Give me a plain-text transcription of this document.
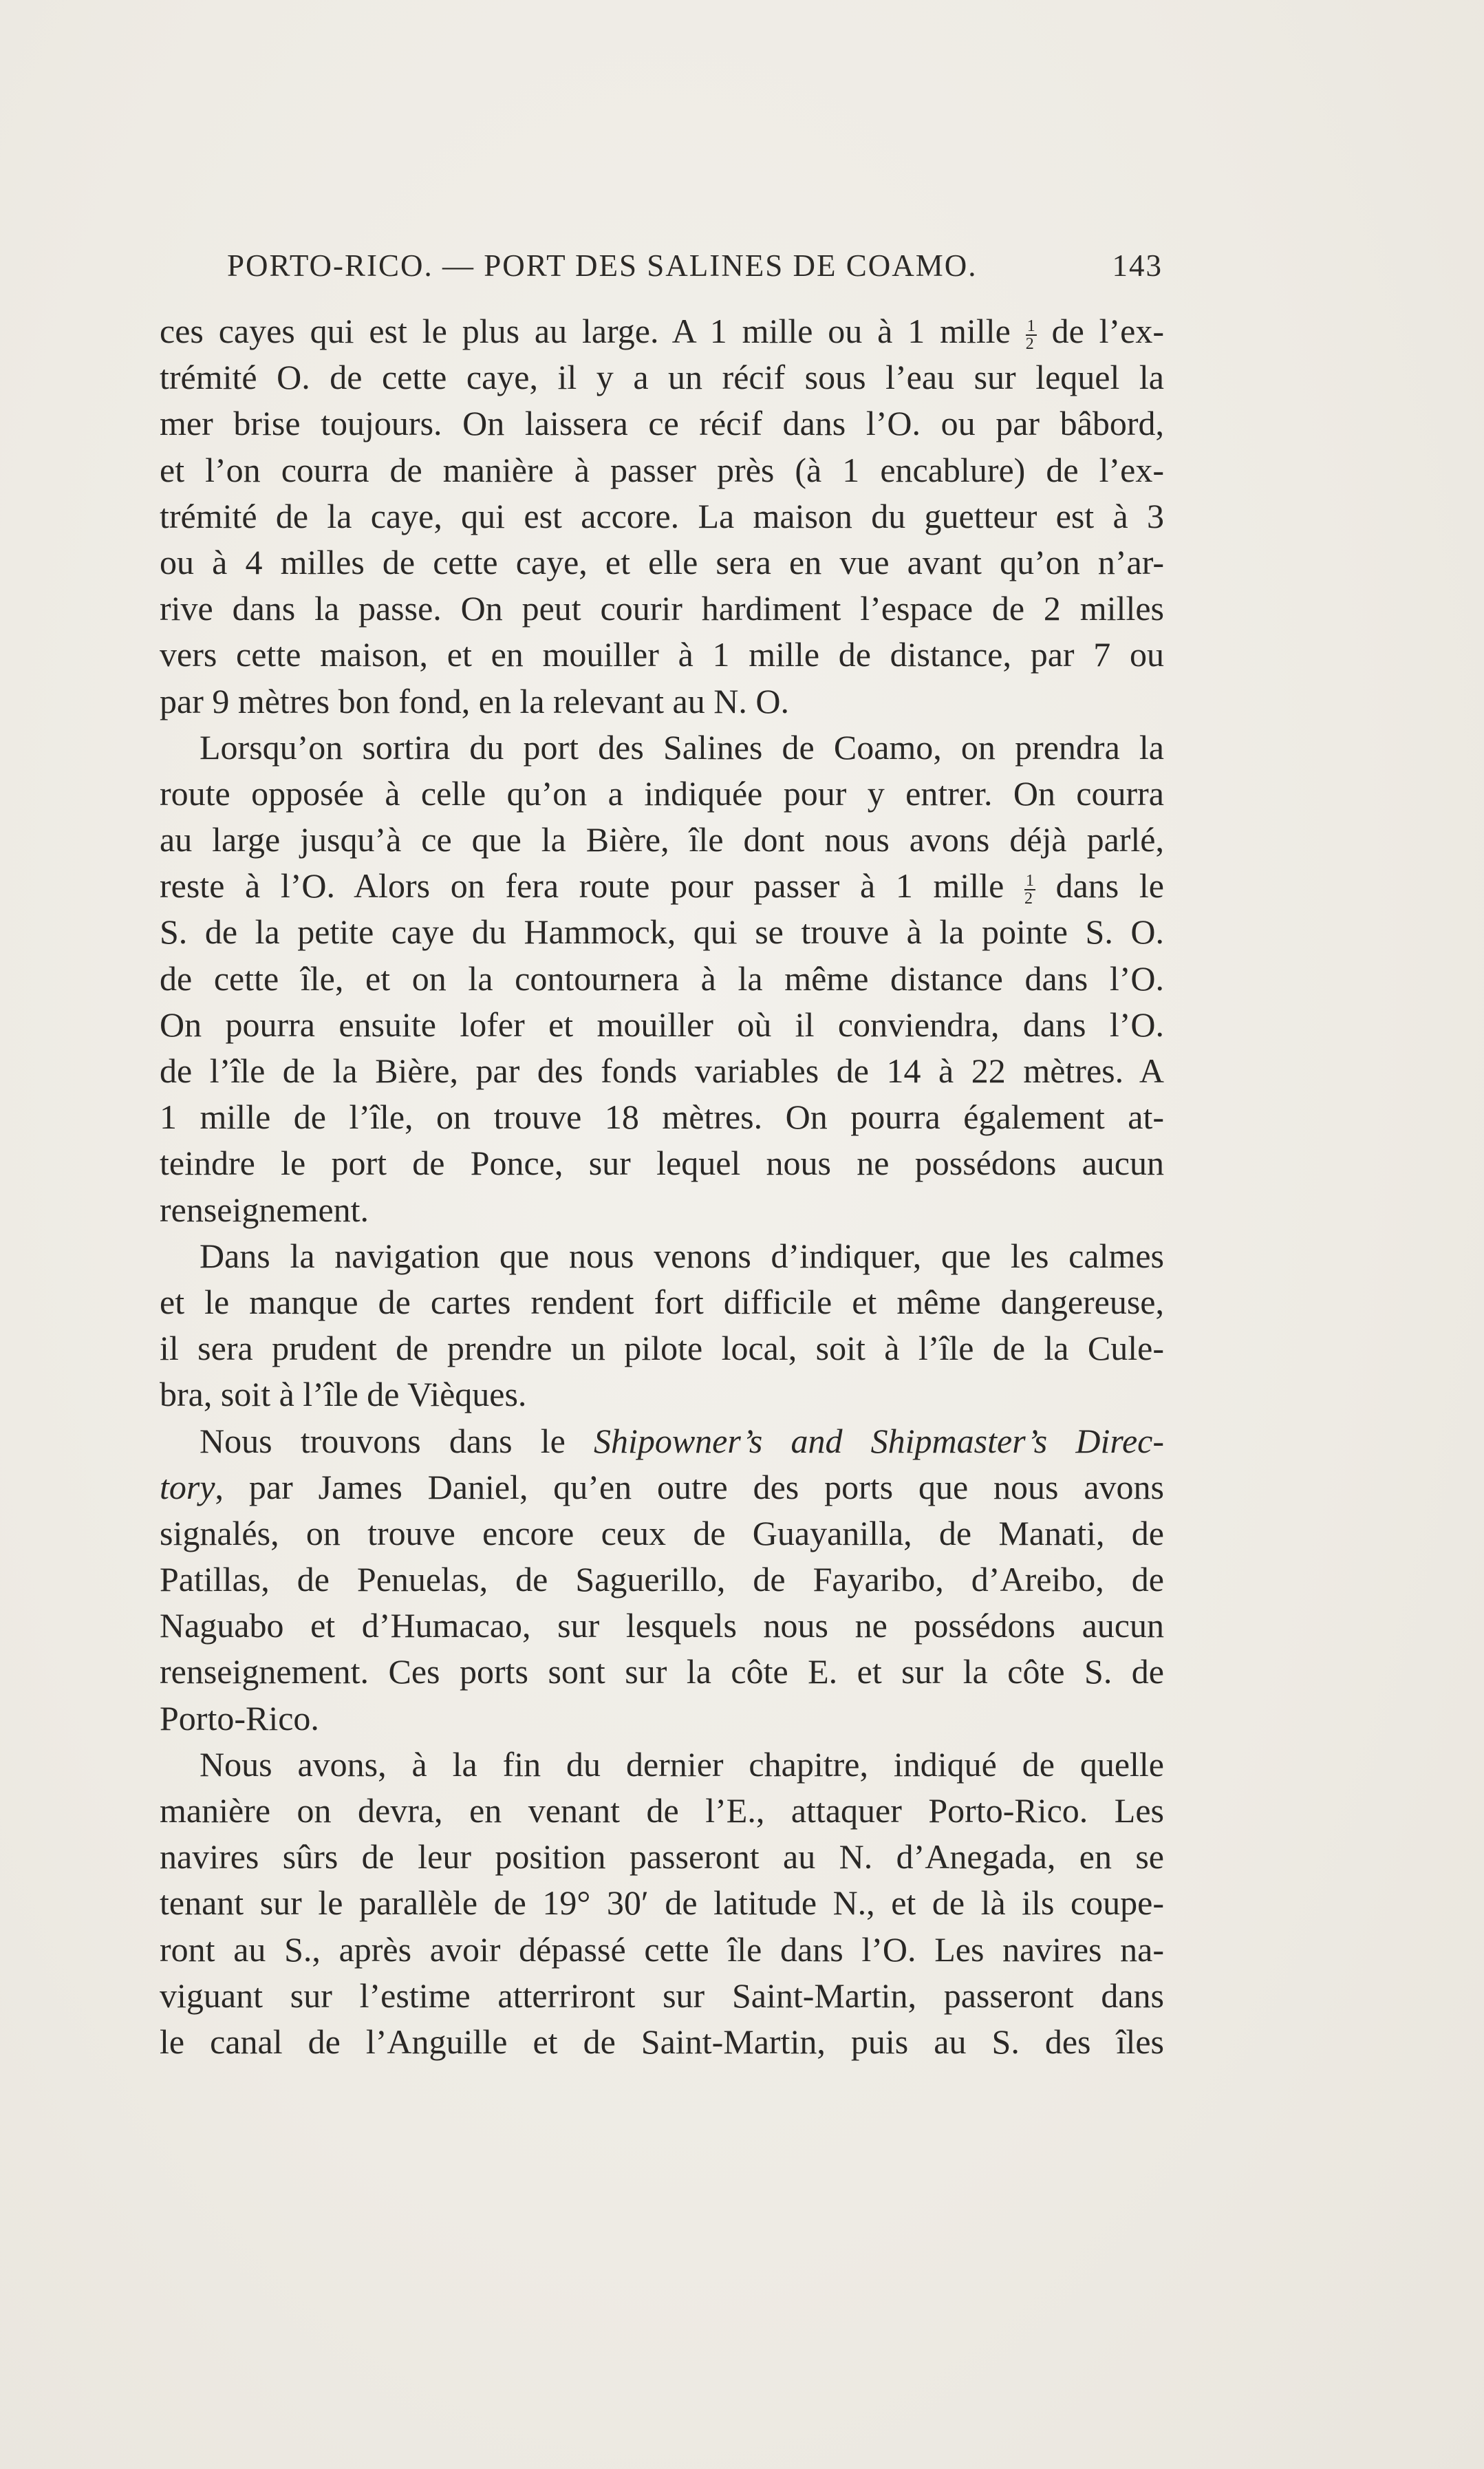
PORTO-RICO. — PORT DES SALINES DE COAMO.	143
ces cayes qui est le plus au large. A 1 mille ou à 1 mille $\frac{1}{2}$ de l’ex-
trémité O. de cette caye, il y a un récif sous l’eau sur lequel la
mer brise toujours. On laissera ce récif dans l’O. ou par bâbord,
et l’on courra de manière à passer près (à 1 encablure) de l’ex-
trémité de la caye, qui est accore. La maison du guetteur est à 3
ou à 4 milles de cette caye, et elle sera en vue avant qu’on n’ar-
rive dans la passe. On peut courir hardiment l’espace de 2 milles
vers cette maison, et en mouiller à 1 mille de distance, par 7 ou
par 9 mètres bon fond, en la relevant au N. O.
Lorsqu’on sortira du port des Salines de Coamo, on prendra la
route opposée à celle qu’on a indiquée pour y entrer. On courra
au large jusqu’à ce que la Bière, île dont nous avons déjà parlé,
reste à l’O. Alors on fera route pour passer à 1 mille $\frac{1}{2}$ dans le
S. de la petite caye du Hammock, qui se trouve à la pointe S. O.
de cette île, et on la contournera à la même distance dans l’O.
On pourra ensuite lofer et mouiller où il conviendra, dans l’O.
de l’île de la Bière, par des fonds variables de 14 à 22 mètres. A
1 mille de l’île, on trouve 18 mètres. On pourra également at-
teindre le port de Ponce, sur lequel nous ne possédons aucun
renseignement.
Dans la navigation que nous venons d’indiquer, que les calmes
et le manque de cartes rendent fort difficile et même dangereuse,
il sera prudent de prendre un pilote local, soit à l’île de la Cule-
bra, soit à l’île de Vièques.
Nous trouvons dans le Shipowner’s and Shipmaster’s Direc-
tory, par James Daniel, qu’en outre des ports que nous avons
signalés, on trouve encore ceux de Guayanilla, de Manati, de
Patillas, de Penuelas, de Saguerillo, de Fayaribo, d’Areibo, de
Naguabo et d’Humacao, sur lesquels nous ne possédons aucun
renseignement. Ces ports sont sur la côte E. et sur la côte S. de
Porto-Rico.
Nous avons, à la fin du dernier chapitre, indiqué de quelle
manière on devra, en venant de l’E., attaquer Porto-Rico. Les
navires sûrs de leur position passeront au N. d’Anegada, en se
tenant sur le parallèle de 19° 30′ de latitude N., et de là ils coupe-
ront au S., après avoir dépassé cette île dans l’O. Les navires na-
viguant sur l’estime atterriront sur Saint-Martin, passeront dans
le canal de l’Anguille et de Saint-Martin, puis au S. des îles
